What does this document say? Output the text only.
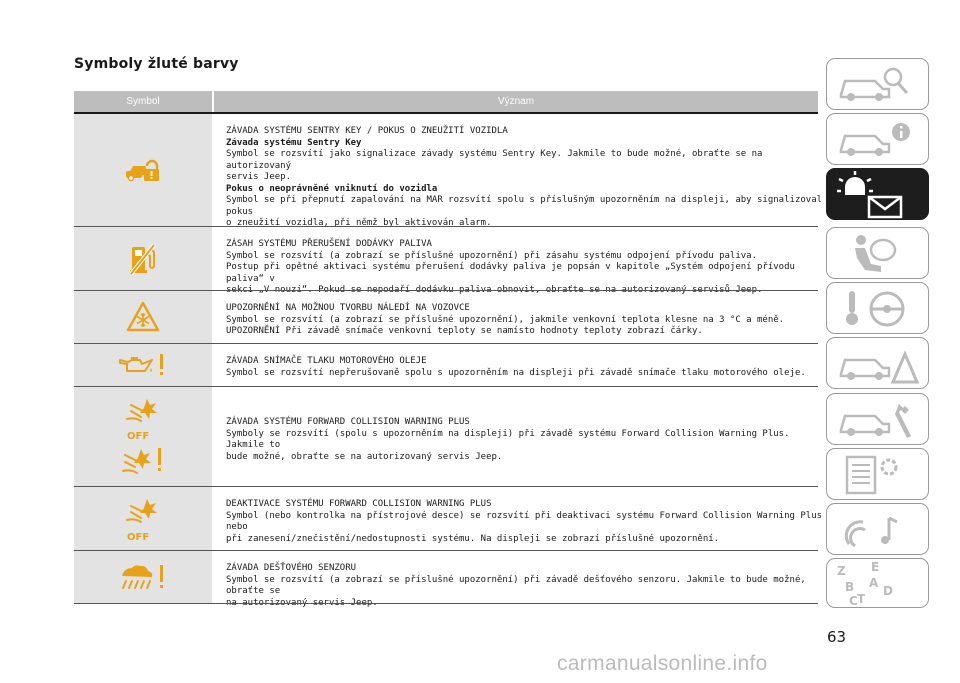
Symboly žluté barvy
Symbol	Význam
ZÁVADA SYSTÉMU SENTRY KEY / POKUS O ZNEUŽITÍ VOZIDLA
Závada systému Sentry Key
Symbol se rozsvítí jako signalizace závady systému Sentry Key. Jakmile to bude možné, obraťte se na autorizovaný
servis Jeep.
Pokus o neoprávněné vniknutí do vozidla
Symbol se při přepnutí zapalování na MAR rozsvítí spolu s příslušným upozorněním na displeji, aby signalizoval pokus
o zneužití vozidla, při němž byl aktivován alarm.
ZÁSAH SYSTÉMU PŘERUŠENÍ DODÁVKY PALIVA
Symbol se rozsvítí (a zobrazí se příslušné upozornění) při zásahu systému odpojení přívodu paliva.
Postup při opětné aktivaci systému přerušení dodávky paliva je popsán v kapitole „Systém odpojení přívodu paliva“ v
sekci „V nouzi“. Pokud se nepodaří dodávku paliva obnovit, obraťte se na autorizovaný servisů Jeep.
UPOZORNĚNÍ NA MOŽNOU TVORBU NÁLEDÍ NA VOZOVCE
Symbol se rozsvítí (a zobrazí se příslušné upozornění), jakmile venkovní teplota klesne na 3 °C a méně.
UPOZORNĚNÍ Při závadě snímače venkovní teploty se namísto hodnoty teploty zobrazí čárky.
ZÁVADA SNÍMAČE TLAKU MOTOROVÉHO OLEJE
Symbol se rozsvítí nepřerušovaně spolu s upozorněním na displeji při závadě snímače tlaku motorového oleje.
OFF
ZÁVADA SYSTÉMU FORWARD COLLISION WARNING PLUS
Symboly se rozsvítí (spolu s upozorněním na displeji) při závadě systému Forward Collision Warning Plus. Jakmile to
bude možné, obraťte se na autorizovaný servis Jeep.
OFF
DEAKTIVACE SYSTÉMU FORWARD COLLISION WARNING PLUS
Symbol (nebo kontrolka na přístrojové desce) se rozsvítí při deaktivaci systému Forward Collision Warning Plus nebo
při zanesení/znečistění/nedostupnosti systému. Na displeji se zobrazí příslušné upozornění.
ZÁVADA DEŠŤOVÉHO SENZORU
Symbol se rozsvítí (a zobrazí se příslušné upozornění) při závadě dešťového senzoru. Jakmile to bude možné, obraťte se
na autorizovaný servis Jeep.
Z E
B A
C T
D
63
carmanualsonline.info
